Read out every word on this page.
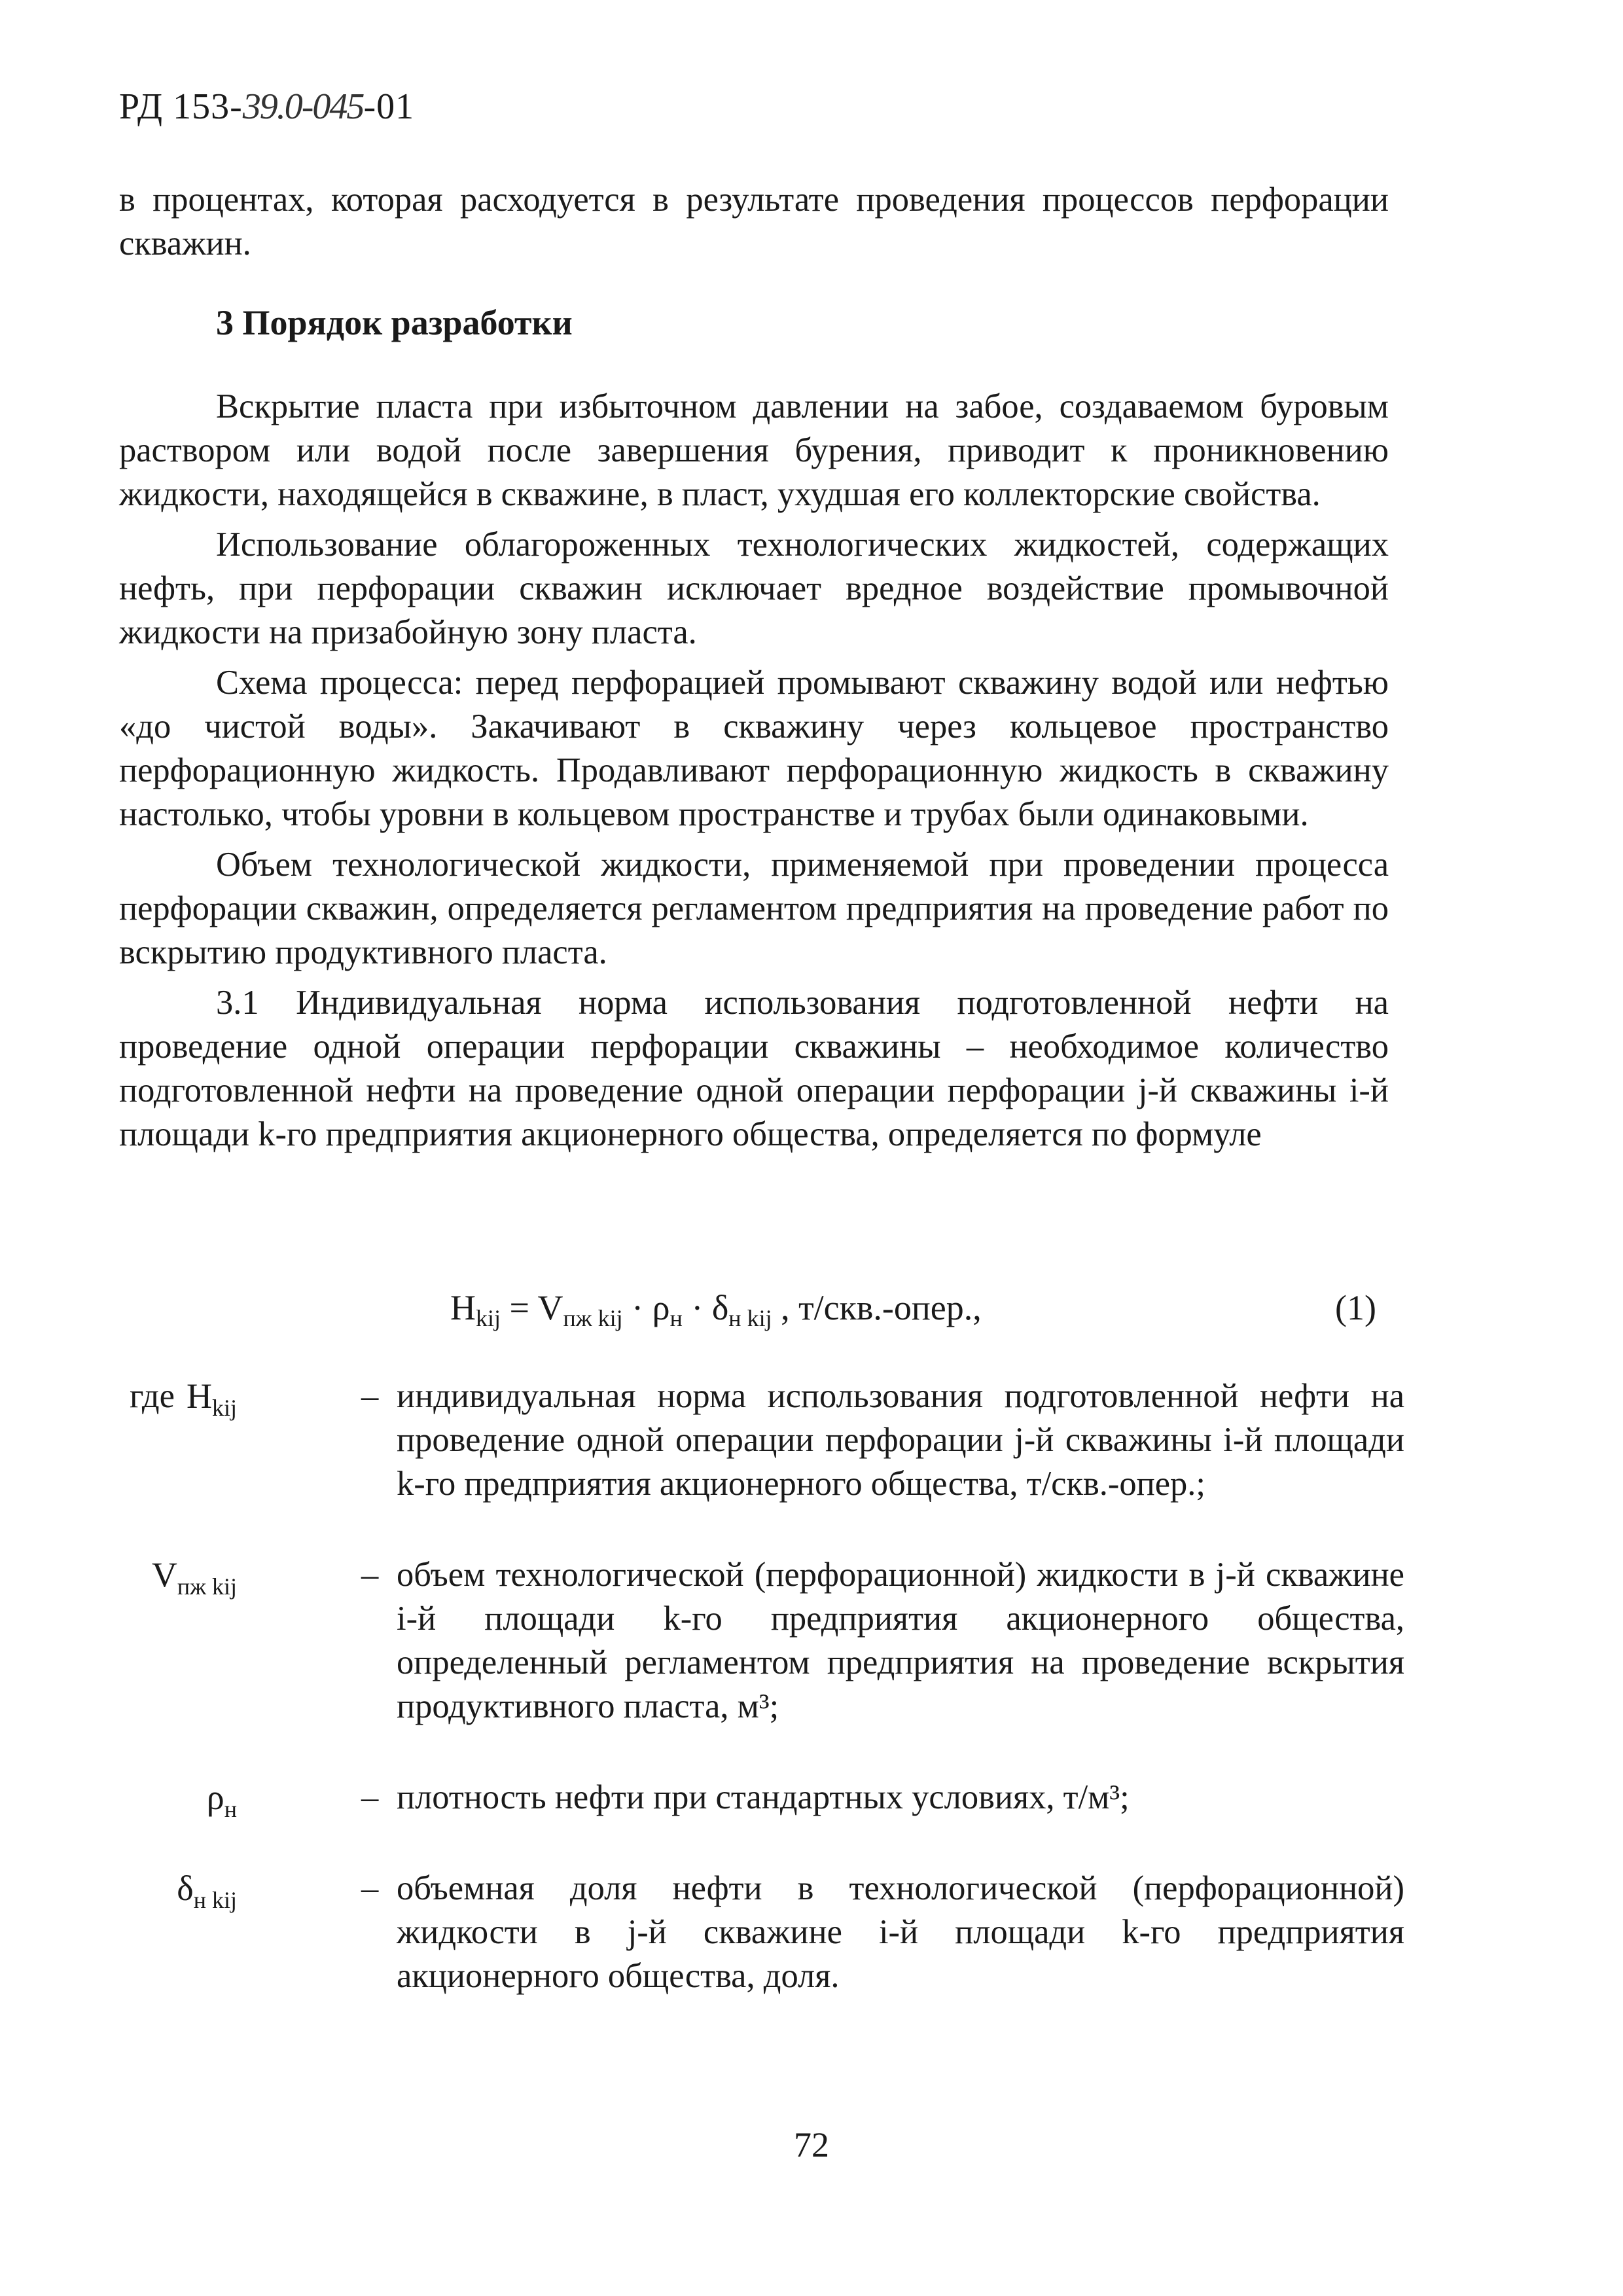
РД 153-39.0-045-01

в процентах, которая расходуется в результате проведения процессов перфорации скважин.

3 Порядок разработки

Вскрытие пласта при избыточном давлении на забое, создаваемом буровым раствором или водой после завершения бурения, приводит к проникновению жидкости, находящейся в скважине, в пласт, ухудшая его коллекторские свойства.

Использование облагороженных технологических жидкостей, содержащих нефть, при перфорации скважин исключает вредное воздействие промывочной жидкости на призабойную зону пласта.

Схема процесса: перед перфорацией промывают скважину водой или нефтью «до чистой воды». Закачивают в скважину через кольцевое пространство перфорационную жидкость. Продавливают перфорационную жидкость в скважину настолько, чтобы уровни в кольцевом пространстве и трубах были одинаковыми.

Объем технологической жидкости, применяемой при проведении процесса перфорации скважин, определяется регламентом предприятия на проведение работ по вскрытию продуктивного пласта.

3.1 Индивидуальная норма использования подготовленной нефти на проведение одной операции перфорации скважины – необходимое количество подготовленной нефти на проведение одной операции перфорации j-й скважины i-й площади k-го предприятия акционерного общества, определяется по формуле

$Н_{kij} = V_{пж kij} \cdot \rho_н \cdot \delta_{н kij}$ , т/скв.-опер.,	(1)
где $Н_{kij}$	– индивидуальная норма использования подготовленной нефти на проведение одной операции перфорации j-й скважины i-й площади k-го предприятия акционерного общества, т/скв.-опер.;
$V_{пж kij}$	– объем технологической (перфорационной) жидкости в j-й скважине i-й площади k-го предприятия акционерного общества, определенный регламентом предприятия на проведение вскрытия продуктивного пласта, м³;
$\rho_н$	– плотность нефти при стандартных условиях, т/м³;
$\delta_{н kij}$	– объемная доля нефти в технологической (перфорационной) жидкости в j-й скважине i-й площади k-го предприятия акционерного общества, доля.
72
